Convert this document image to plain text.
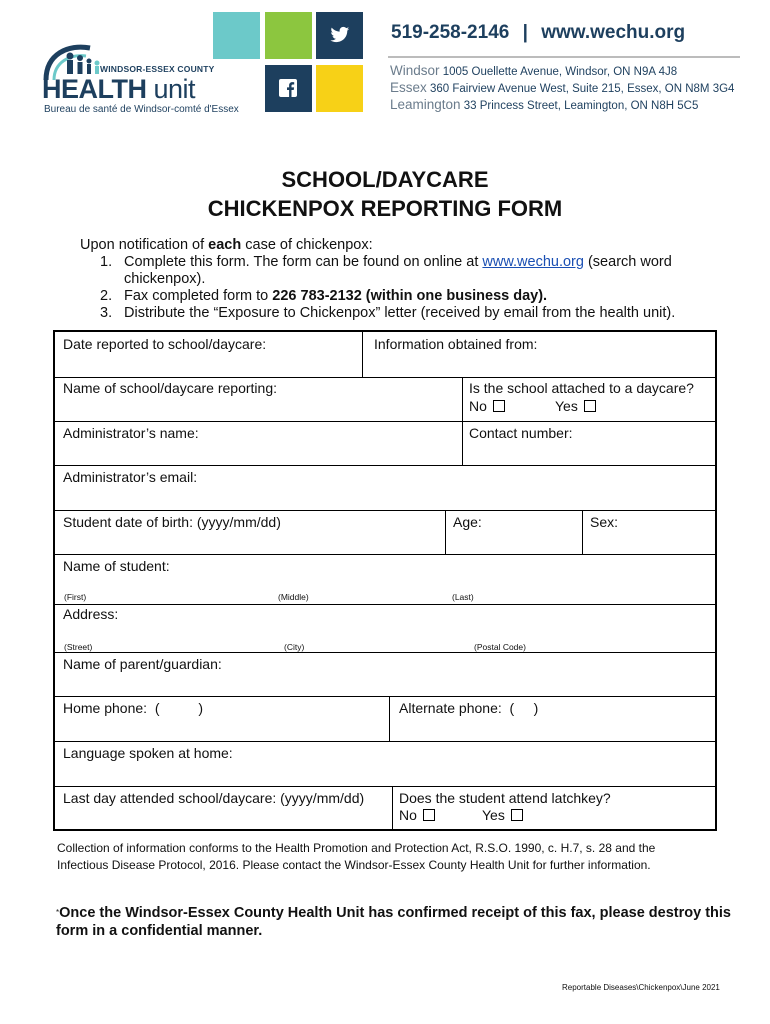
WINDSOR-ESSEX COUNTY
HEALTH unit
Bureau de santé de Windsor-comté d'Essex
519-258-2146 | www.wechu.org
Windsor 1005 Ouellette Avenue, Windsor, ON N9A 4J8
Essex 360 Fairview Avenue West, Suite 215, Essex, ON N8M 3G4
Leamington 33 Princess Street, Leamington, ON N8H 5C5
SCHOOL/DAYCARE
CHICKENPOX REPORTING FORM
Upon notification of each case of chickenpox:
1. Complete this form. The form can be found on online at www.wechu.org (search word chickenpox).
2. Fax completed form to 226 783-2132 (within one business day).
3. Distribute the “Exposure to Chickenpox” letter (received by email from the health unit).
Date reported to school/daycare:	Information obtained from:
Name of school/daycare reporting:	Is the school attached to a daycare?
No	Yes
Administrator’s name:	Contact number:
Administrator’s email:
Student date of birth: (yyyy/mm/dd)	Age:	Sex:
Name of student:
(First)	(Middle)	(Last)
Address:
(Street)	(City)	(Postal Code)
Name of parent/guardian:
Home phone:  (          )	Alternate phone:  (     )
Language spoken at home:
Last day attended school/daycare: (yyyy/mm/dd) Does the student attend latchkey?
No	Yes
Collection of information conforms to the Health Promotion and Protection Act, R.S.O. 1990, c. H.7, s. 28 and the Infectious Disease Protocol, 2016. Please contact the Windsor-Essex County Health Unit for further information.
*Once the Windsor-Essex County Health Unit has confirmed receipt of this fax, please destroy this form in a confidential manner.
Reportable Diseases\Chickenpox\June 2021
